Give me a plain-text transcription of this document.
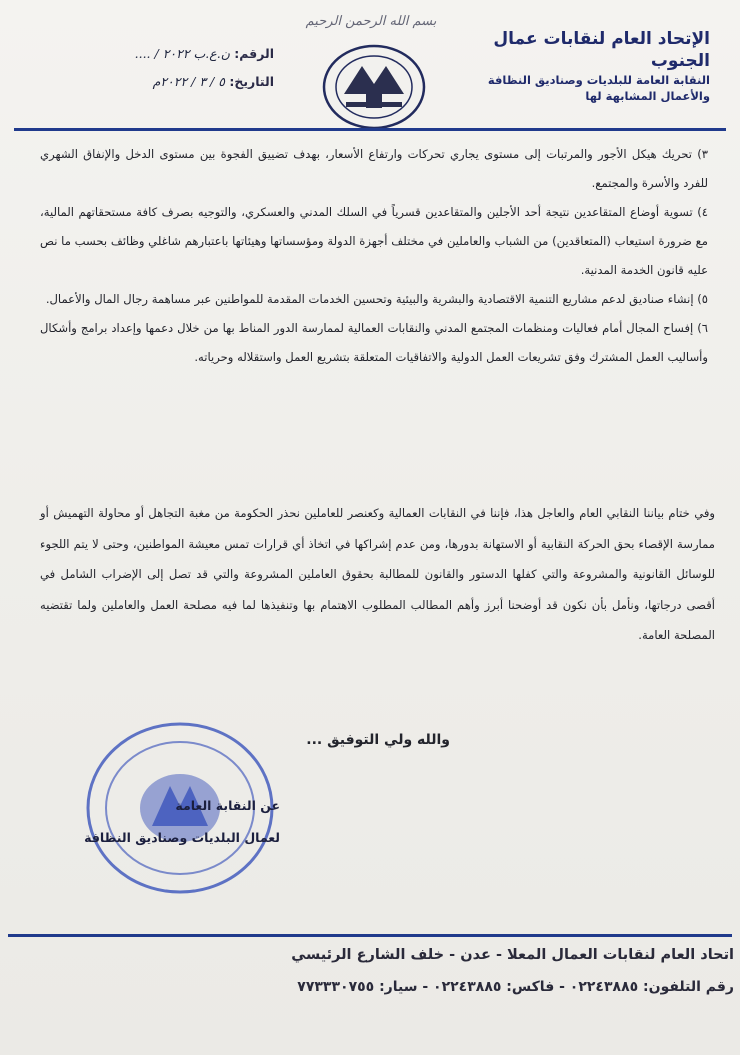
بسم الله الرحمن الرحيم
الإتحاد العام لنقابات عمال الجنوب
النقابة العامة للبلديات وصناديق النظافة
والأعمال المشابهة لها
الرقم: ن.ع.ب ٢٠٢٢ / ....
التاريخ: ٥ / ٣ / ٢٠٢٢م

٣) تحريك هيكل الأجور والمرتبات إلى مستوى يجاري تحركات وارتفاع الأسعار، بهدف تضييق الفجوة بين مستوى الدخل والإنفاق الشهري للفرد والأسرة والمجتمع.

٤) تسوية أوضاع المتقاعدين نتيجة أحد الأجلين والمتقاعدين قسرياً في السلك المدني والعسكري، والتوجيه بصرف كافة مستحقاتهم المالية، مع ضرورة استيعاب (المتعاقدين) من الشباب والعاملين في مختلف أجهزة الدولة ومؤسساتها وهيئاتها باعتبارهم شاغلي وظائف بحسب ما نص عليه قانون الخدمة المدنية.

٥) إنشاء صناديق لدعم مشاريع التنمية الاقتصادية والبشرية والبيئية وتحسين الخدمات المقدمة للمواطنين عبر مساهمة رجال المال والأعمال.

٦) إفساح المجال أمام فعاليات ومنظمات المجتمع المدني والنقابات العمالية لممارسة الدور المناط بها من خلال دعمها وإعداد برامج وأشكال وأساليب العمل المشترك وفق تشريعات العمل الدولية والاتفاقيات المتعلقة بتشريع العمل واستقلاله وحرياته.

وفي ختام بياننا النقابي العام والعاجل هذا، فإننا في النقابات العمالية وكعنصر للعاملين نحذر الحكومة من مغبة التجاهل أو محاولة التهميش أو ممارسة الإقصاء بحق الحركة النقابية أو الاستهانة بدورها، ومن عدم إشراكها في اتخاذ أي قرارات تمس معيشة المواطنين، وحتى لا يتم اللجوء للوسائل القانونية والمشروعة والتي كفلها الدستور والقانون للمطالبة بحقوق العاملين المشروعة والتي قد تصل إلى الإضراب الشامل في أقصى درجاتها، ونأمل بأن نكون قد أوضحنا أبرز وأهم المطالب المطلوب الاهتمام بها وتنفيذها لما فيه مصلحة العمل والعاملين ولما تقتضيه المصلحة العامة.
والله ولي التوفيق ...
عن النقابة العامة
لعمال البلديات وصناديق النظافة
اتحاد العام لنقابات العمال المعلا - عدن - خلف الشارع الرئيسي
رقم التلفون: ٠٢٢٤٣٨٨٥ - فاكس: ٠٢٢٤٣٨٨٥ - سيار: ٧٧٣٣٣٠٧٥٥
